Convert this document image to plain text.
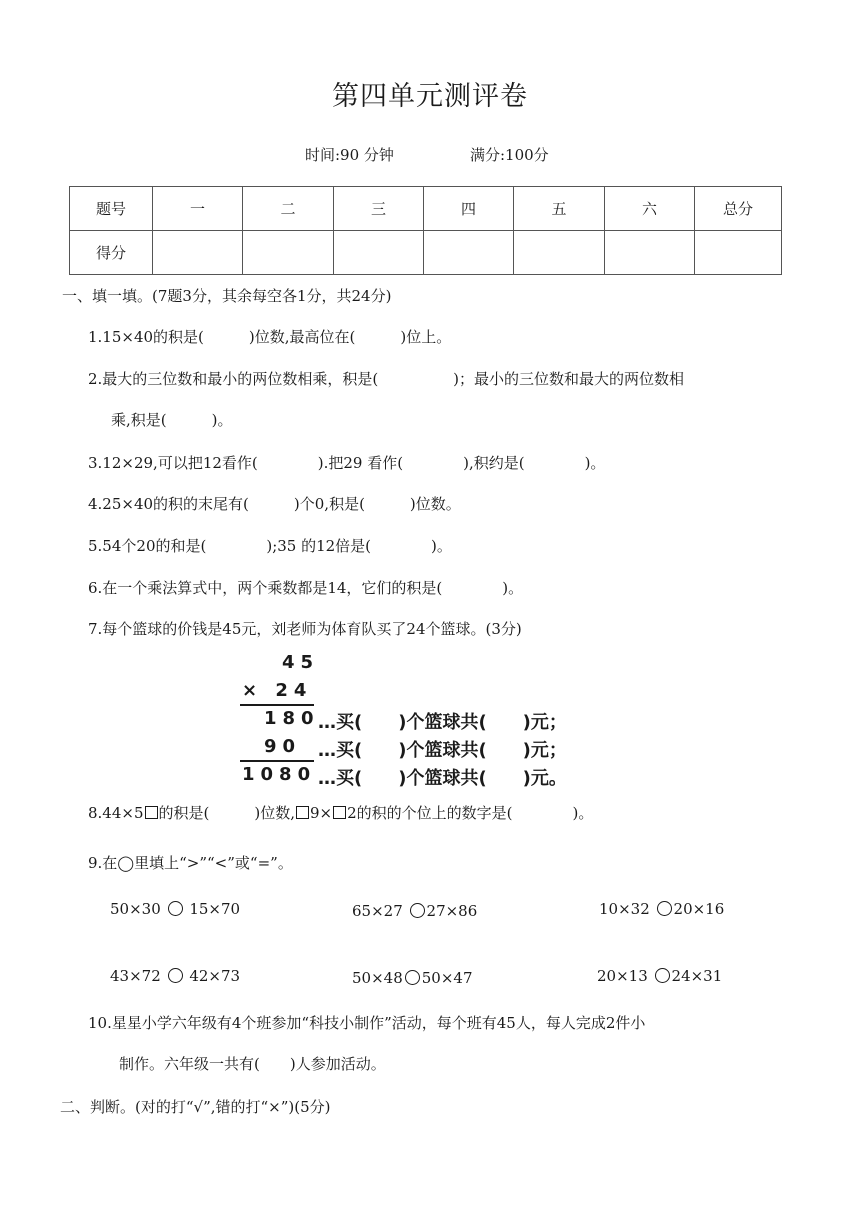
第四单元测评卷
时间:90 分钟	满分:100分
题号	一	二	三	四	五	六	总分
得分							
一、填一填。(7题3分，其余每空各1分，共24分)
1.15×40的积是(　　　)位数,最高位在(　　　)位上。
2.最大的三位数和最小的两位数相乘，积是(　　　　　)；最小的三位数和最大的两位数相
乘,积是(　　　)。
3.12×29,可以把12看作(　　　　).把29 看作(　　　　),积约是(　　　　)。
4.25×40的积的末尾有(　　　)个0,积是(　　　)位数。
5.54个20的和是(　　　　);35 的12倍是(　　　　)。
6.在一个乘法算式中，两个乘数都是14，它们的积是(　　　　)。
7.每个篮球的价钱是45元，刘老师为体育队买了24个篮球。(3分)
45
× 24
180
…买(　　)个篮球共(　　)元；
90 …买(　　)个篮球共(　　)元；
1080 …买(　　)个篮球共(　　)元。
8.44×5 的积是(　　　)位数, 9× 2的积的个位上的数字是(　　　　)。
9.在◯里填上“>”“<”或“=”。
50×30 15×70	65×27 27×86	10×32 20×16
43×72 42×73	50×48 50×47	20×13 24×31
10.星星小学六年级有4个班参加“科技小制作”活动，每个班有45人，每人完成2件小
制作。六年级一共有(　　)人参加活动。
二、判断。(对的打“√”,错的打“×”)(5分)
